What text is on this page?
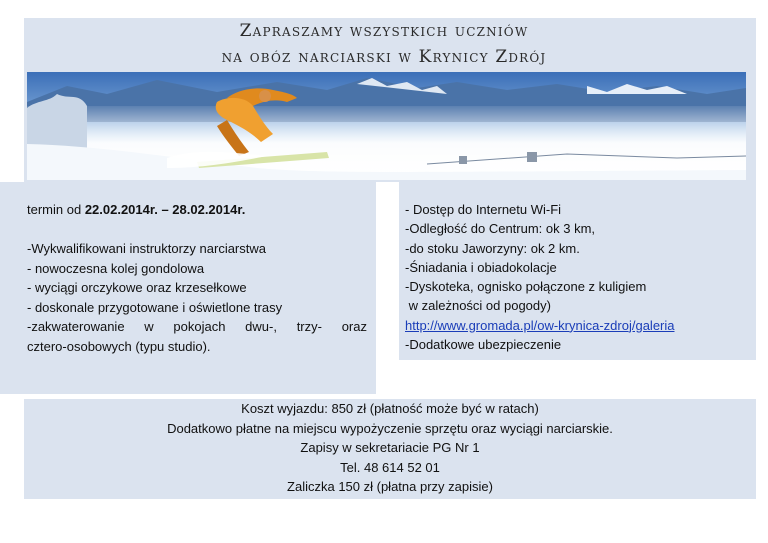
Zapraszamy wszystkich uczniów
na obóz narciarski w Krynicy Zdrój
termin od 22.02.2014r. – 28.02.2014r.
-Wykwalifikowani instruktorzy narciarstwa
- nowoczesna kolej gondolowa
- wyciągi orczykowe oraz krzesełkowe
- doskonale przygotowane i oświetlone trasy
-zakwaterowanie w pokojach dwu-, trzy- oraz
cztero-osobowych (typu studio).
- Dostęp do Internetu Wi-Fi
-Odległość do Centrum: ok 3 km,
-do stoku Jaworzyny: ok 2 km.
-Śniadania i obiadokolacje
-Dyskoteka, ognisko połączone z kuligiem
w zależności od pogody)
http://www.gromada.pl/ow-krynica-zdroj/galeria
-Dodatkowe ubezpieczenie
Koszt wyjazdu: 850 zł (płatność może być w ratach)
Dodatkowo płatne na miejscu wypożyczenie sprzętu oraz wyciągi narciarskie.
Zapisy w sekretariacie PG Nr 1
Tel. 48 614 52 01
Zaliczka 150 zł (płatna przy zapisie)
